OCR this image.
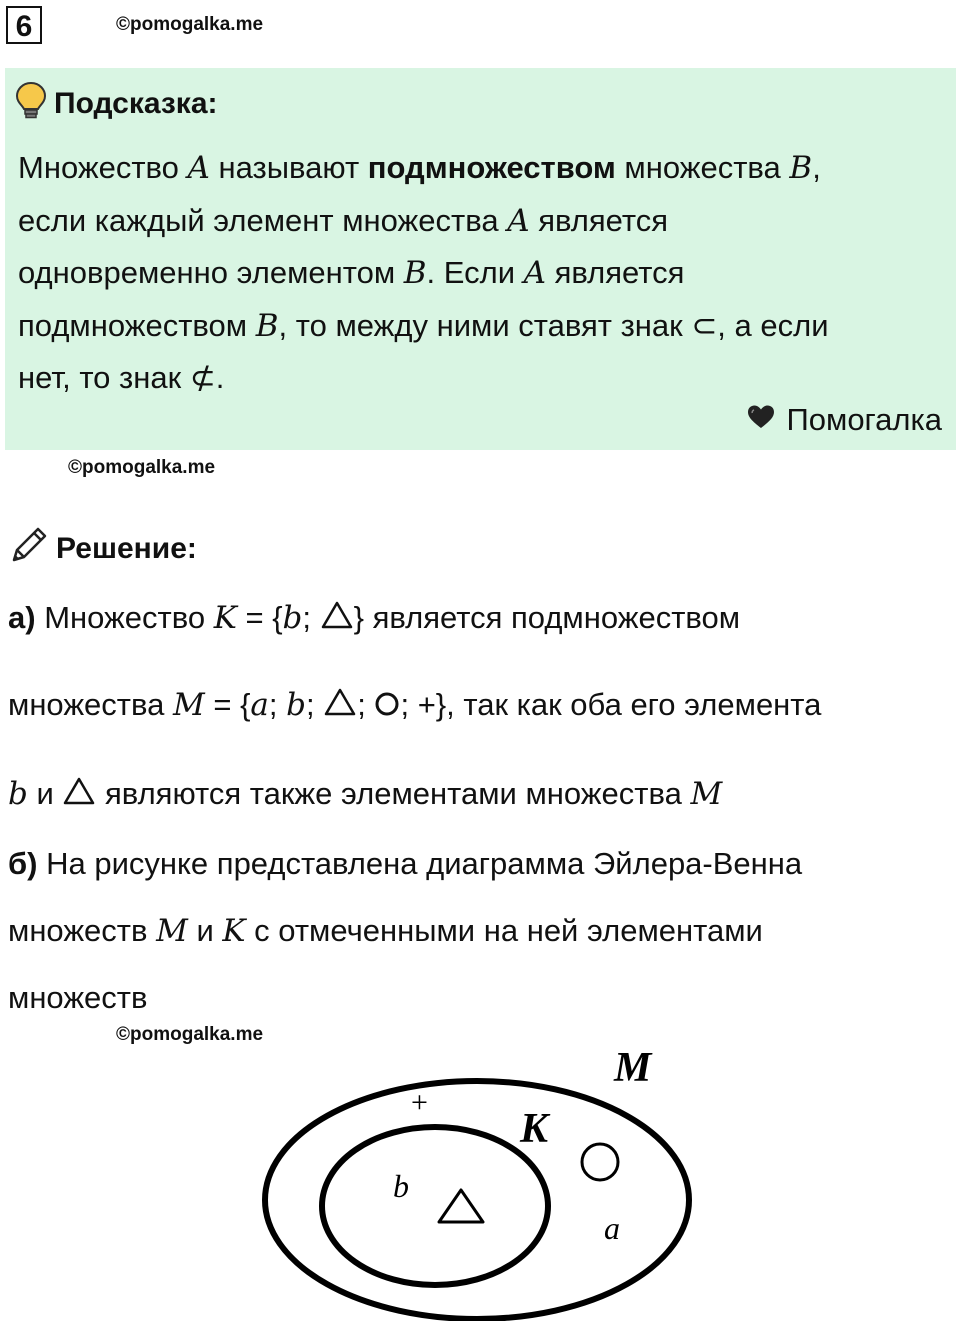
6	©pomogalka.me
Подсказка:
Множество A называют подмножеством множества B,
если каждый элемент множества A является
одновременно элементом B. Если A является
подмножеством B, то между ними ставят знак ⊂, а если
нет, то знак ⊄.
Помогалка
©pomogalka.me
Решение:
а) Множество K = {b; } является подмножеством
множества M = {a; b; ; ; +}, так как оба его элемента
b и  являются также элементами множества M
б) На рисунке представлена диаграмма Эйлера-Венна
множеств M и K с отмеченными на ней элементами
множеств
©pomogalka.me
M
K
+
b
a
